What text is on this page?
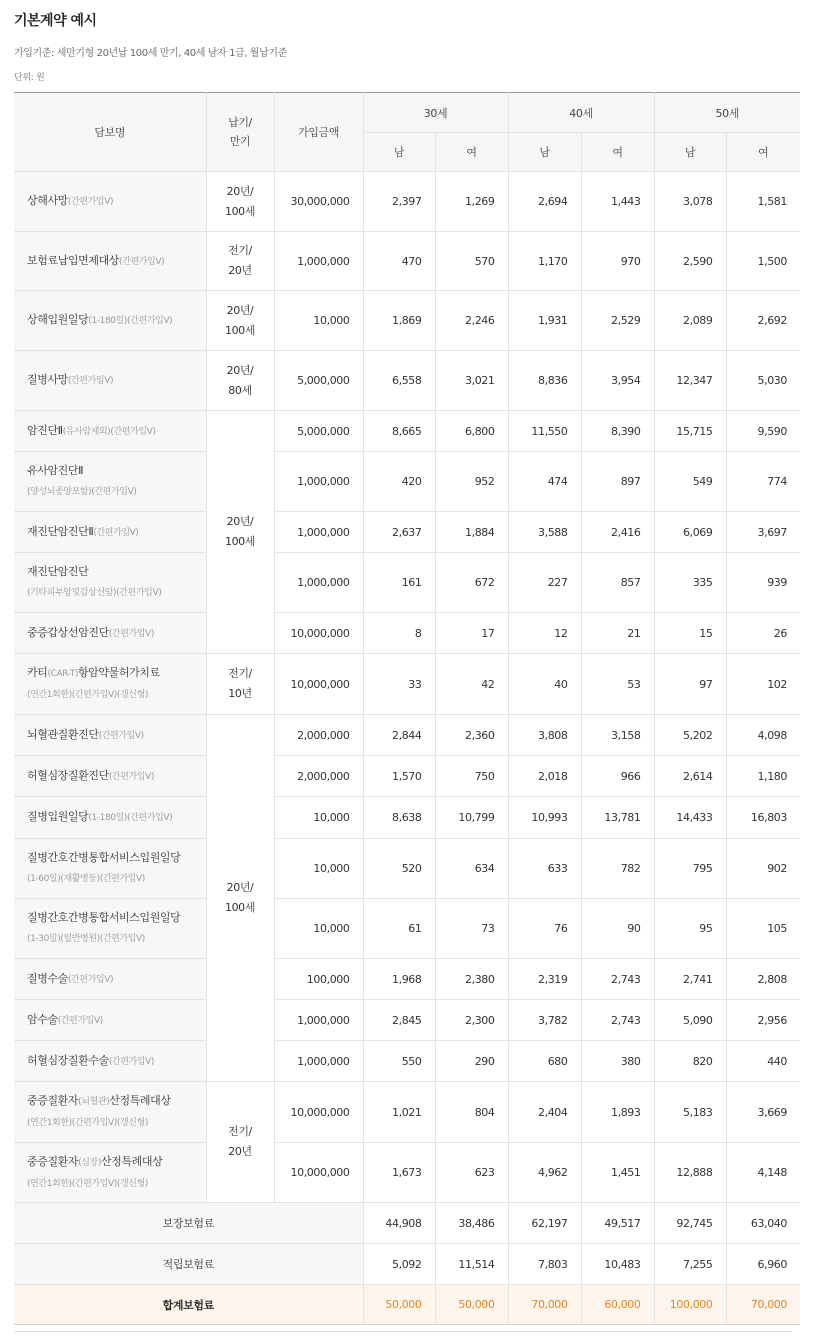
기본계약 예시
가입기준: 세만기형 20년납 100세 만기, 40세 남자 1급, 월납기준
단위: 원
담보명	납기/
만기	가입금액	30세		40세		50세	
			남	여	남	여	남	여
상해사망(간편가입Ⅴ)	20년/
100세	30,000,000	2,397	1,269	2,694	1,443	3,078	1,581
보험료납입면제대상(간편가입Ⅴ)	전기/
20년	1,000,000	470	570	1,170	970	2,590	1,500
상해입원일당(1-180일)(간편가입Ⅴ)	20년/
100세	10,000	1,869	2,246	1,931	2,529	2,089	2,692
질병사망(간편가입Ⅴ)	20년/
80세	5,000,000	6,558	3,021	8,836	3,954	12,347	5,030
암진단Ⅱ(유사암제외)(간편가입Ⅴ)	20년/
100세	5,000,000	8,665	6,800	11,550	8,390	15,715	9,590
유사암진단Ⅱ
(양성뇌종양포함)(간편가입Ⅴ)		1,000,000	420	952	474	897	549	774
재진단암진단Ⅱ(간편가입Ⅴ)		1,000,000	2,637	1,884	3,588	2,416	6,069	3,697
재진단암진단
(기타피부암및갑상선암)(간편가입Ⅴ)		1,000,000	161	672	227	857	335	939
중증갑상선암진단(간편가입Ⅴ)		10,000,000	8	17	12	21	15	26
카티(CAR-T)항암약물허가치료
(연간1회한)(간편가입Ⅴ)(갱신형)	전기/
10년	10,000,000	33	42	40	53	97	102
뇌혈관질환진단(간편가입Ⅴ)	20년/
100세	2,000,000	2,844	2,360	3,808	3,158	5,202	4,098
허혈심장질환진단(간편가입Ⅴ)		2,000,000	1,570	750	2,018	966	2,614	1,180
질병입원일당(1-180일)(간편가입Ⅴ)		10,000	8,638	10,799	10,993	13,781	14,433	16,803
질병간호간병통합서비스입원일당
(1-60일)(재활병동)(간편가입Ⅴ)		10,000	520	634	633	782	795	902
질병간호간병통합서비스입원일당
(1-30일)(일반병원)(간편가입Ⅴ)		10,000	61	73	76	90	95	105
질병수술(간편가입Ⅴ)		100,000	1,968	2,380	2,319	2,743	2,741	2,808
암수술(간편가입Ⅴ)		1,000,000	2,845	2,300	3,782	2,743	5,090	2,956
허혈심장질환수술(간편가입Ⅴ)		1,000,000	550	290	680	380	820	440
중증질환자(뇌혈관)산정특례대상
(연간1회한)(간편가입Ⅴ)(갱신형)	전기/
20년	10,000,000	1,021	804	2,404	1,893	5,183	3,669
중증질환자(심장)산정특례대상
(연간1회한)(간편가입Ⅴ)(갱신형)		10,000,000	1,673	623	4,962	1,451	12,888	4,148
보장보험료			44,908	38,486	62,197	49,517	92,745	63,040
적립보험료			5,092	11,514	7,803	10,483	7,255	6,960
합계보험료			50,000	50,000	70,000	60,000	100,000	70,000
